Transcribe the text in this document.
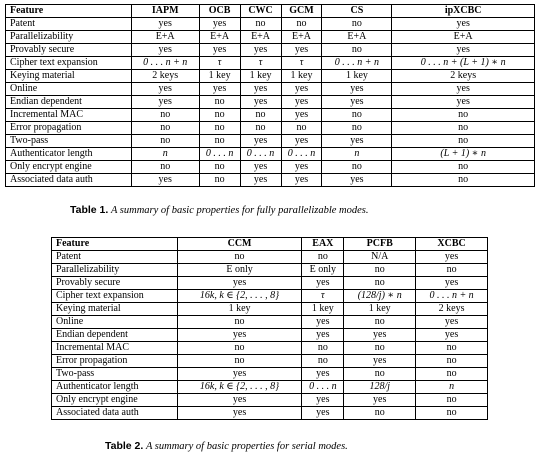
Feature	IAPM	OCB	CWC	GCM	CS	ipXCBC
Patent	yes	yes	no	no	no	yes
Parallelizability	E+A	E+A	E+A	E+A	E+A	E+A
Provably secure	yes	yes	yes	yes	no	yes
Cipher text expansion	0 . . . n + n	τ	τ	τ	0 . . . n + n	0 . . . n + (L + 1) ∗ n
Keying material	2 keys	1 key	1 key	1 key	1 key	2 keys
Online	yes	yes	yes	yes	yes	yes
Endian dependent	yes	no	yes	yes	yes	yes
Incremental MAC	no	no	no	yes	no	no
Error propagation	no	no	no	no	no	no
Two-pass	no	no	yes	yes	yes	no
Authenticator length	n	0 . . . n	0 . . . n	0 . . . n	n	(L + 1) ∗ n
Only encrypt engine	no	no	yes	yes	no	no
Associated data auth	yes	no	yes	yes	yes	no
Table 1. A summary of basic properties for fully parallelizable modes.
Feature	CCM	EAX	PCFB	XCBC
Patent	no	no	N/A	yes
Parallelizability	E only	E only	no	no
Provably secure	yes	yes	no	yes
Cipher text expansion	16k, k ∈ {2, . . . , 8}	τ	(128/j) ∗ n	0 . . . n + n
Keying material	1 key	1 key	1 key	2 keys
Online	no	yes	no	yes
Endian dependent	yes	yes	yes	yes
Incremental MAC	no	no	no	no
Error propagation	no	no	yes	no
Two-pass	yes	yes	no	no
Authenticator length	16k, k ∈ {2, . . . , 8}	0 . . . n	128/j	n
Only encrypt engine	yes	yes	yes	no
Associated data auth	yes	yes	no	no
Table 2. A summary of basic properties for serial modes.
